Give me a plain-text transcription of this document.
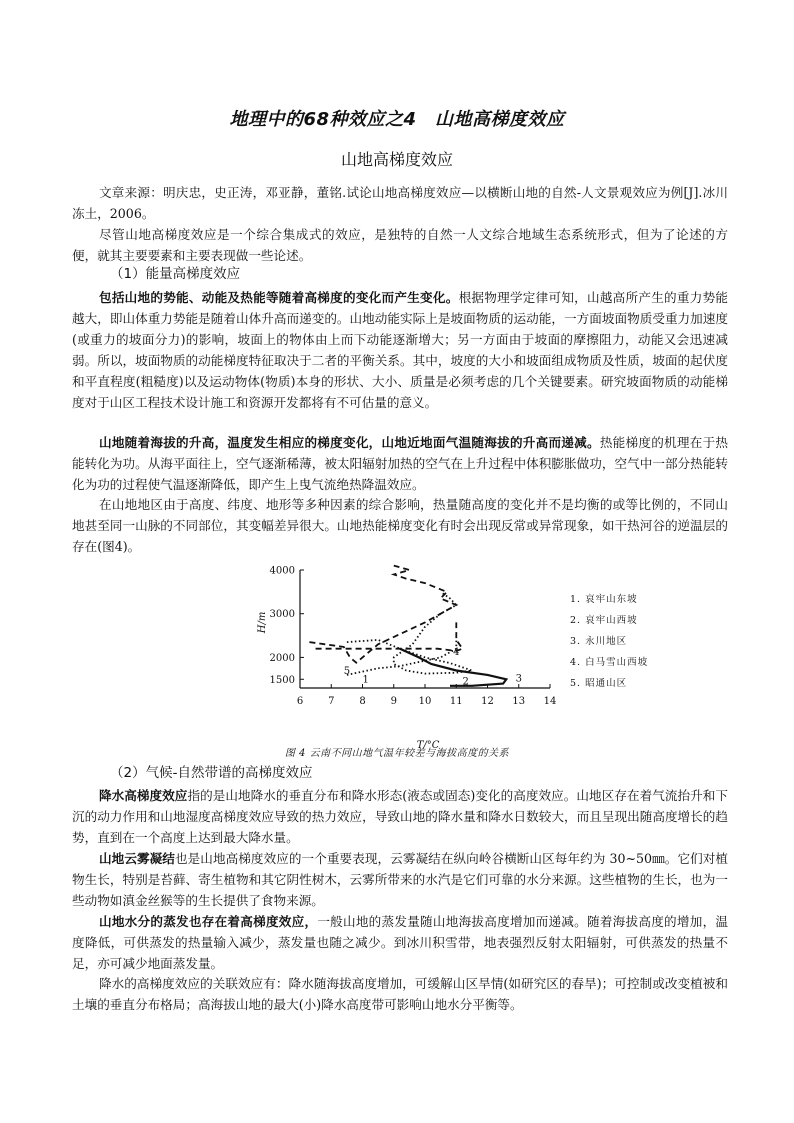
地理中的68种效应之4　山地高梯度效应
山地高梯度效应

文章来源：明庆忠，史正涛，邓亚静，董铭.试论山地高梯度效应—以横断山地的自然-人文景观效应为例[J].冰川冻土，2006。

尽管山地高梯度效应是一个综合集成式的效应，是独特的自然一人文综合地域生态系统形式，但为了论述的方便，就其主要要素和主要表现做一些论述。

（1）能量高梯度效应

包括山地的势能、动能及热能等随着高梯度的变化而产生变化。根据物理学定律可知，山越高所产生的重力势能越大，即山体重力势能是随着山体升高而递变的。山地动能实际上是坡面物质的运动能，一方面坡面物质受重力加速度(或重力的坡面分力)的影响，坡面上的物体由上而下动能逐渐增大；另一方面由于坡面的摩擦阻力，动能又会迅速减弱。所以，坡面物质的动能梯度特征取决于二者的平衡关系。其中，坡度的大小和坡面组成物质及性质，坡面的起伏度和平直程度(粗糙度)以及运动物体(物质)本身的形状、大小、质量是必须考虑的几个关键要素。研究坡面物质的动能梯度对于山区工程技术设计施工和资源开发都将有不可估量的意义。

山地随着海拔的升高，温度发生相应的梯度变化，山地近地面气温随海拔的升高而递减。热能梯度的机理在于热能转化为功。从海平面往上，空气逐渐稀薄，被太阳辐射加热的空气在上升过程中体积膨胀做功，空气中一部分热能转化为功的过程使气温逐渐降低，即产生上曳气流绝热降温效应。

在山地地区由于高度、纬度、地形等多种因素的综合影响，热量随高度的变化并不是均衡的或等比例的，不同山地甚至同一山脉的不同部位，其变幅差异很大。山地热能梯度变化有时会出现反常或异常现象，如干热河谷的逆温层的存在(图4)。

6 7 8 9 10 11 12 13 14
1500
2000
3000
4000
T/°C
H/m
1	2	3
4
5
1. 哀牢山东坡
2. 哀牢山西坡
3. 永川地区
4. 白马雪山西坡
5. 昭通山区
图 4 云南不同山地气温年较差与海拔高度的关系

（2）气候-自然带谱的高梯度效应

降水高梯度效应指的是山地降水的垂直分布和降水形态(液态或固态)变化的高度效应。山地区存在着气流抬升和下沉的动力作用和山地湿度高梯度效应导致的热力效应，导致山地的降水量和降水日数较大，而且呈现出随高度增长的趋势，直到在一个高度上达到最大降水量。

山地云雾凝结也是山地高梯度效应的一个重要表现，云雾凝结在纵向岭谷横断山区每年约为 30~50㎜。它们对植物生长，特别是苔藓、寄生植物和其它阴性树木，云雾所带来的水汽是它们可靠的水分来源。这些植物的生长，也为一些动物如滇金丝猴等的生长提供了食物来源。

山地水分的蒸发也存在着高梯度效应，一般山地的蒸发量随山地海拔高度增加而递减。随着海拔高度的增加，温度降低，可供蒸发的热量输入减少，蒸发量也随之减少。到冰川积雪带，地表强烈反射太阳辐射，可供蒸发的热量不足，亦可减少地面蒸发量。

降水的高梯度效应的关联效应有：降水随海拔高度增加，可缓解山区旱情(如研究区的春旱)；可控制或改变植被和土壤的垂直分布格局；高海拔山地的最大(小)降水高度带可影响山地水分平衡等。
